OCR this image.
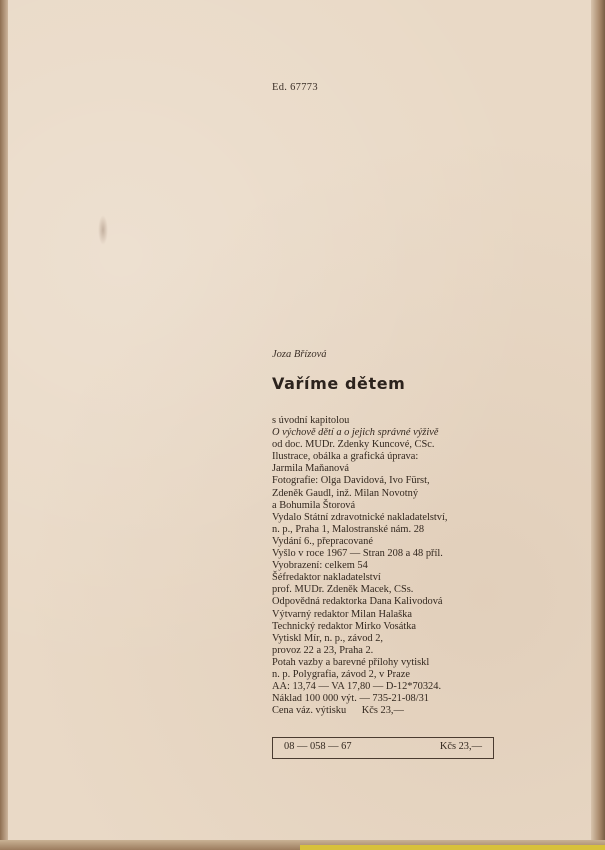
Ed. 67773
Joza Břízová
Vaříme dětem
s úvodní kapitolou
O výchově dětí a o jejich správné výživě
od doc. MUDr. Zdenky Kuncové, CSc.
Ilustrace, obálka a grafická úprava:
Jarmila Maňanová
Fotografie: Olga Davidová, Ivo Fürst,
Zdeněk Gaudl, inž. Milan Novotný
a Bohumila Štorová
Vydalo Státní zdravotnické nakladatelství,
n. p., Praha 1, Malostranské nám. 28
Vydání 6., přepracované
Vyšlo v roce 1967 — Stran 208 a 48 příl.
Vyobrazení: celkem 54
Šéfredaktor nakladatelství
prof. MUDr. Zdeněk Macek, CSs.
Odpovědná redaktorka Dana Kalivodová
Výtvarný redaktor Milan Halaška
Technický redaktor Mirko Vosátka
Vytiskl Mír, n. p., závod 2,
provoz 22 a 23, Praha 2.
Potah vazby a barevné přílohy vytiskl
n. p. Polygrafia, závod 2, v Praze
AA: 13,74 — VA 17,80 — D-12*70324.
Náklad 100 000 výt. — 735-21-08/31
Cena váz. výtisku      Kčs 23,—
08 — 058 — 67	Kčs 23,—
